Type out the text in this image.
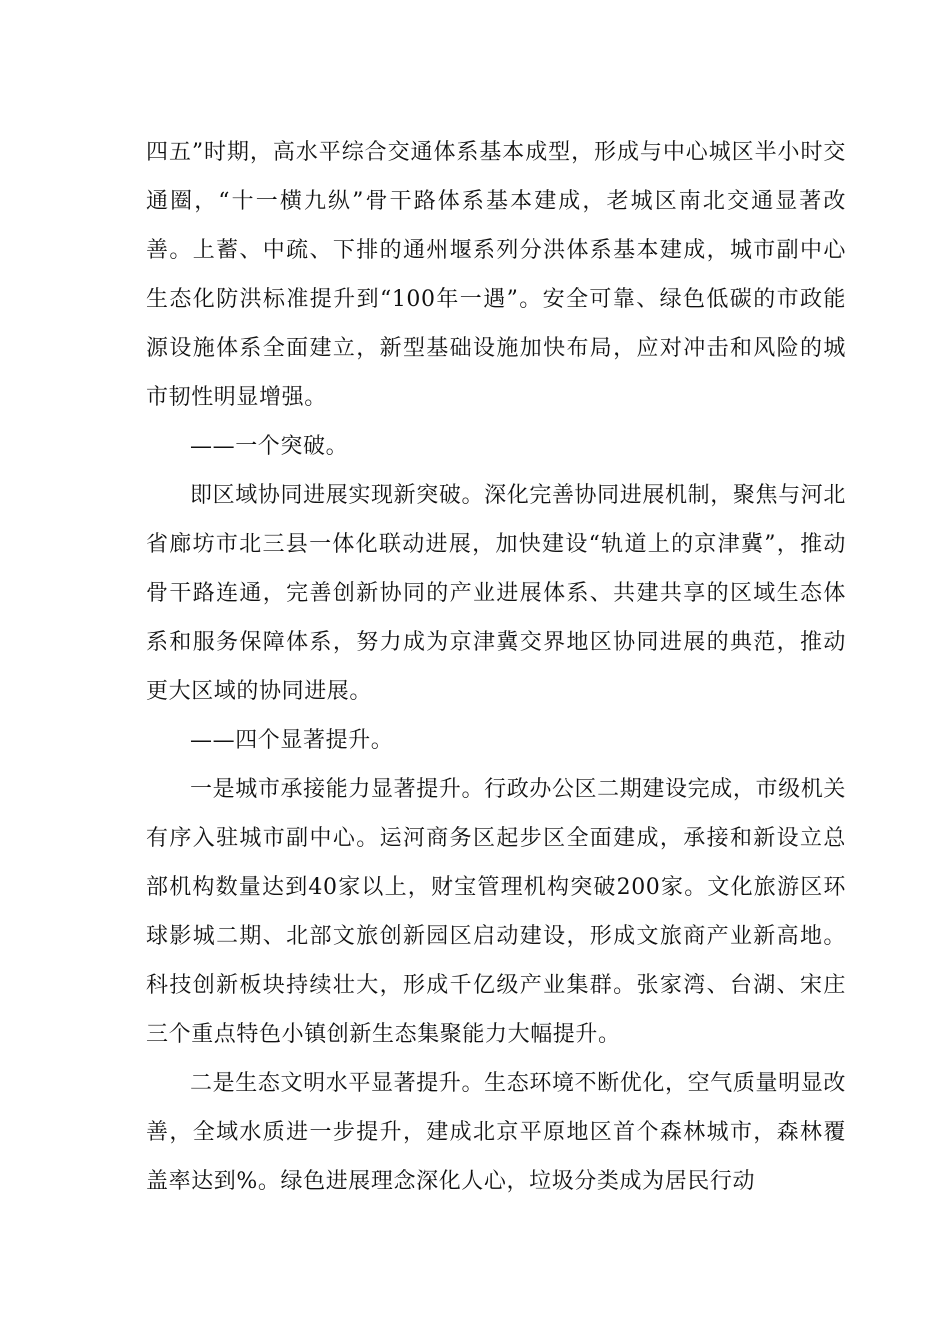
四五”时期，高水平综合交通体系基本成型，形成与中心城区半小时交通圈，“十一横九纵”骨干路体系基本建成，老城区南北交通显著改善。上蓄、中疏、下排的通州堰系列分洪体系基本建成，城市副中心生态化防洪标准提升到“100年一遇”。安全可靠、绿色低碳的市政能源设施体系全面建立，新型基础设施加快布局，应对冲击和风险的城市韧性明显增强。

——一个突破。

即区域协同进展实现新突破。深化完善协同进展机制，聚焦与河北省廊坊市北三县一体化联动进展，加快建设“轨道上的京津冀”，推动骨干路连通，完善创新协同的产业进展体系、共建共享的区域生态体系和服务保障体系，努力成为京津冀交界地区协同进展的典范，推动更大区域的协同进展。

——四个显著提升。

一是城市承接能力显著提升。行政办公区二期建设完成，市级机关有序入驻城市副中心。运河商务区起步区全面建成，承接和新设立总部机构数量达到40家以上，财宝管理机构突破200家。文化旅游区环球影城二期、北部文旅创新园区启动建设，形成文旅商产业新高地。科技创新板块持续壮大，形成千亿级产业集群。张家湾、台湖、宋庄三个重点特色小镇创新生态集聚能力大幅提升。

二是生态文明水平显著提升。生态环境不断优化，空气质量明显改善，全域水质进一步提升，建成北京平原地区首个森林城市，森林覆盖率达到%。绿色进展理念深化人心，垃圾分类成为居民行动
